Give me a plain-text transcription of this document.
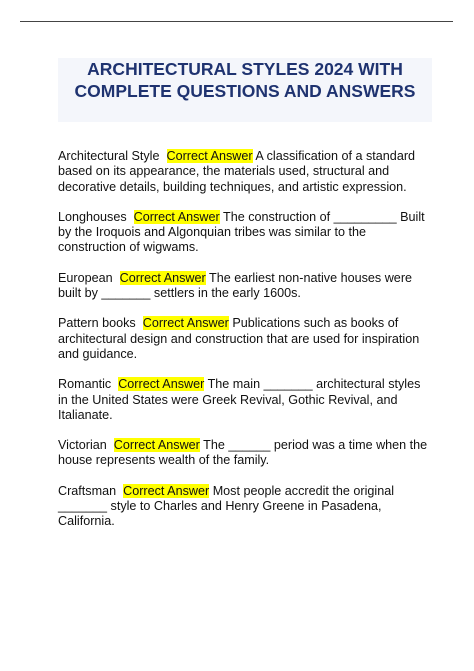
ARCHITECTURAL STYLES 2024 WITH COMPLETE QUESTIONS AND ANSWERS

Architectural Style Correct Answer A classification of a standard based on its appearance, the materials used, structural and decorative details, building techniques, and artistic expression.

Longhouses Correct Answer The construction of _________ Built by the Iroquois and Algonquian tribes was similar to the construction of wigwams.

European Correct Answer The earliest non-native houses were built by _______ settlers in the early 1600s.

Pattern books Correct Answer Publications such as books of architectural design and construction that are used for inspiration and guidance.

Romantic Correct Answer The main _______ architectural styles in the United States were Greek Revival, Gothic Revival, and Italianate.

Victorian Correct Answer The ______ period was a time when the house represents wealth of the family.

Craftsman Correct Answer Most people accredit the original _______ style to Charles and Henry Greene in Pasadena, California.
